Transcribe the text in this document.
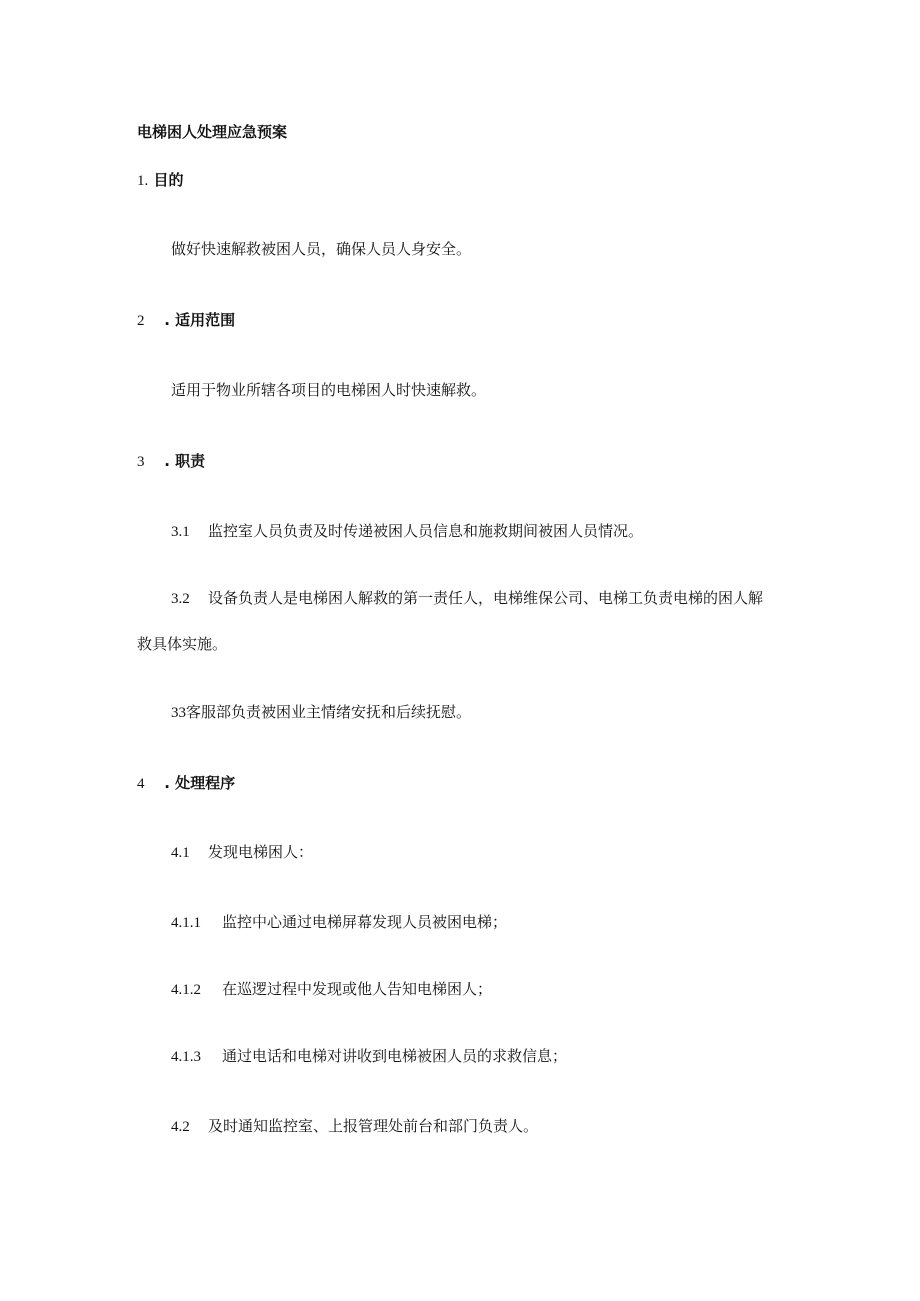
电梯困人处理应急预案
1. 目的
做好快速解救被困人员，确保人员人身安全。
2 . 适用范围
适用于物业所辖各项目的电梯困人时快速解救。
3 . 职责
3.1 监控室人员负责及时传递被困人员信息和施救期间被困人员情况。
3.2 设备负责人是电梯困人解救的第一责任人，电梯维保公司、电梯工负责电梯的困人解
救具体实施。
33客服部负责被困业主情绪安抚和后续抚慰。
4 . 处理程序
4.1 发现电梯困人：
4.1.1 监控中心通过电梯屏幕发现人员被困电梯；
4.1.2 在巡逻过程中发现或他人告知电梯困人；
4.1.3 通过电话和电梯对讲收到电梯被困人员的求救信息；
4.2 及时通知监控室、上报管理处前台和部门负责人。
